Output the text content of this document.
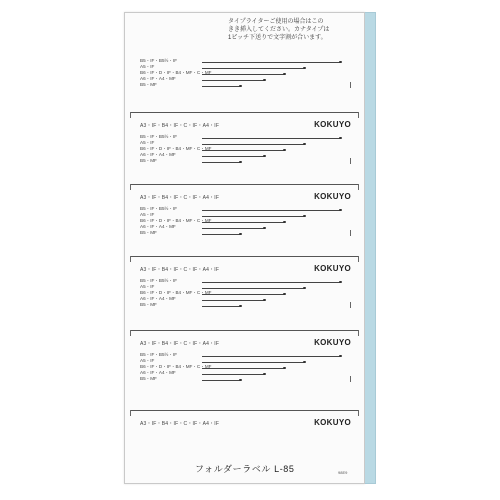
タイプライターご使用の場合はこの
きき挿入してください。カナタイプは
1ピッチ下送りで文字割が合います。
B5・IF・B5½・IF
A5・IF
B6・IF・D・IF・B4・MF・C・MF
A6・IF・A4・MF
B5・MF
A3・IF・B4・IF・C・IF・A4・IF	KOKUYO
B5・IF・B5½・IF
A5・IF
B6・IF・D・IF・B4・MF・C・MF
A6・IF・A4・MF
B5・MF
A3・IF・B4・IF・C・IF・A4・IF	KOKUYO
B5・IF・B5½・IF
A5・IF
B6・IF・D・IF・B4・MF・C・MF
A6・IF・A4・MF
B5・MF
A3・IF・B4・IF・C・IF・A4・IF	KOKUYO
B5・IF・B5½・IF
A5・IF
B6・IF・D・IF・B4・MF・C・MF
A6・IF・A4・MF
B5・MF
A3・IF・B4・IF・C・IF・A4・IF	KOKUYO
B5・IF・B5½・IF
A5・IF
B6・IF・D・IF・B4・MF・C・MF
A6・IF・A4・MF
B5・MF
A3・IF・B4・IF・C・IF・A4・IF	KOKUYO
フォルダーラベル L-85	98E9
